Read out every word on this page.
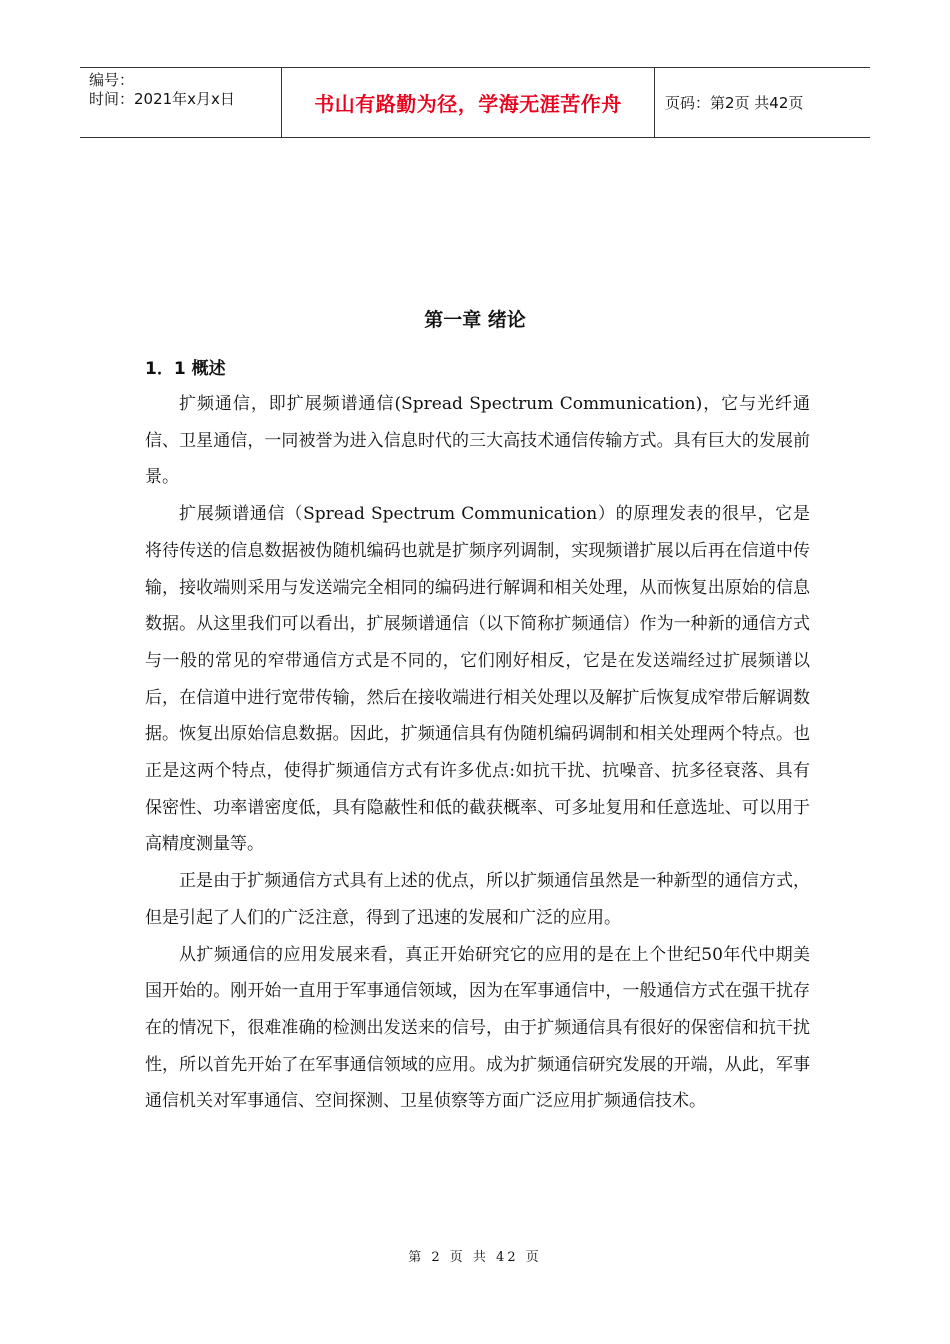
编号：
时间：2021年x月x日	书山有路勤为径，学海无涯苦作舟	页码：第2页 共42页
第一章 绪论
1．1 概述

扩频通信，即扩展频谱通信(Spread Spectrum Communication)，它与光纤通信、卫星通信，一同被誉为进入信息时代的三大高技术通信传输方式。具有巨大的发展前景。

扩展频谱通信（Spread Spectrum Communication）的原理发表的很早，它是将待传送的信息数据被伪随机编码也就是扩频序列调制，实现频谱扩展以后再在信道中传输，接收端则采用与发送端完全相同的编码进行解调和相关处理，从而恢复出原始的信息数据。从这里我们可以看出，扩展频谱通信（以下简称扩频通信）作为一种新的通信方式与一般的常见的窄带通信方式是不同的，它们刚好相反，它是在发送端经过扩展频谱以后，在信道中进行宽带传输，然后在接收端进行相关处理以及解扩后恢复成窄带后解调数据。恢复出原始信息数据。因此，扩频通信具有伪随机编码调制和相关处理两个特点。也正是这两个特点，使得扩频通信方式有许多优点:如抗干扰、抗噪音、抗多径衰落、具有保密性、功率谱密度低，具有隐蔽性和低的截获概率、可多址复用和任意选址、可以用于高精度测量等。

正是由于扩频通信方式具有上述的优点，所以扩频通信虽然是一种新型的通信方式，但是引起了人们的广泛注意，得到了迅速的发展和广泛的应用。

从扩频通信的应用发展来看，真正开始研究它的应用的是在上个世纪50年代中期美国开始的。刚开始一直用于军事通信领域，因为在军事通信中，一般通信方式在强干扰存在的情况下，很难准确的检测出发送来的信号，由于扩频通信具有很好的保密信和抗干扰性，所以首先开始了在军事通信领域的应用。成为扩频通信研究发展的开端，从此，军事通信机关对军事通信、空间探测、卫星侦察等方面广泛应用扩频通信技术。

第 2 页 共 42 页
